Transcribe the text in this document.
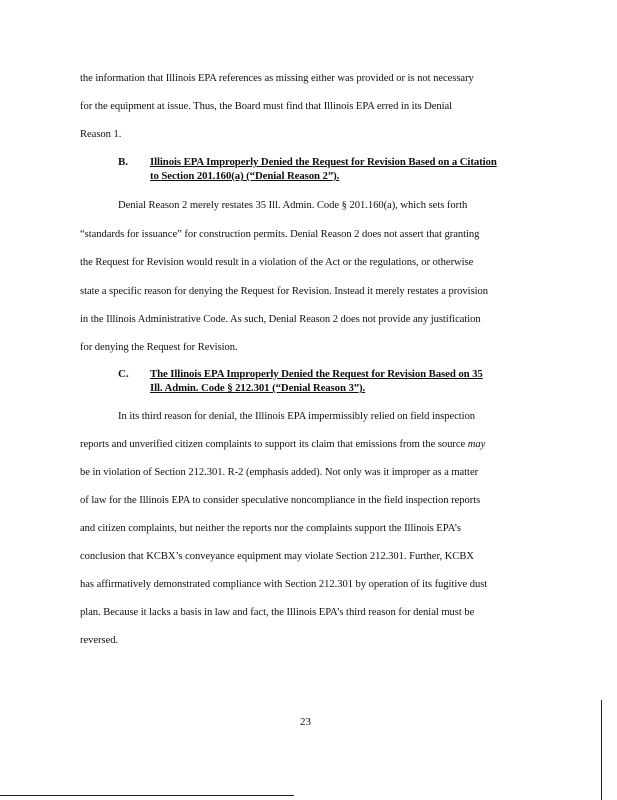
the information that Illinois EPA references as missing either was provided or is not necessary
for the equipment at issue. Thus, the Board must find that Illinois EPA erred in its Denial
Reason 1.
B. Illinois EPA Improperly Denied the Request for Revision Based on a Citation
to Section 201.160(a) (“Denial Reason 2”).
Denial Reason 2 merely restates 35 Ill. Admin. Code § 201.160(a), which sets forth
“standards for issuance” for construction permits. Denial Reason 2 does not assert that granting
the Request for Revision would result in a violation of the Act or the regulations, or otherwise
state a specific reason for denying the Request for Revision. Instead it merely restates a provision
in the Illinois Administrative Code. As such, Denial Reason 2 does not provide any justification
for denying the Request for Revision.
C. The Illinois EPA Improperly Denied the Request for Revision Based on 35
Ill. Admin. Code § 212.301 (“Denial Reason 3”).
In its third reason for denial, the Illinois EPA impermissibly relied on field inspection
reports and unverified citizen complaints to support its claim that emissions from the source may
be in violation of Section 212.301. R-2 (emphasis added). Not only was it improper as a matter
of law for the Illinois EPA to consider speculative noncompliance in the field inspection reports
and citizen complaints, but neither the reports nor the complaints support the Illinois EPA’s
conclusion that KCBX’s conveyance equipment may violate Section 212.301. Further, KCBX
has affirmatively demonstrated compliance with Section 212.301 by operation of its fugitive dust
plan. Because it lacks a basis in law and fact, the Illinois EPA’s third reason for denial must be
reversed.
23
